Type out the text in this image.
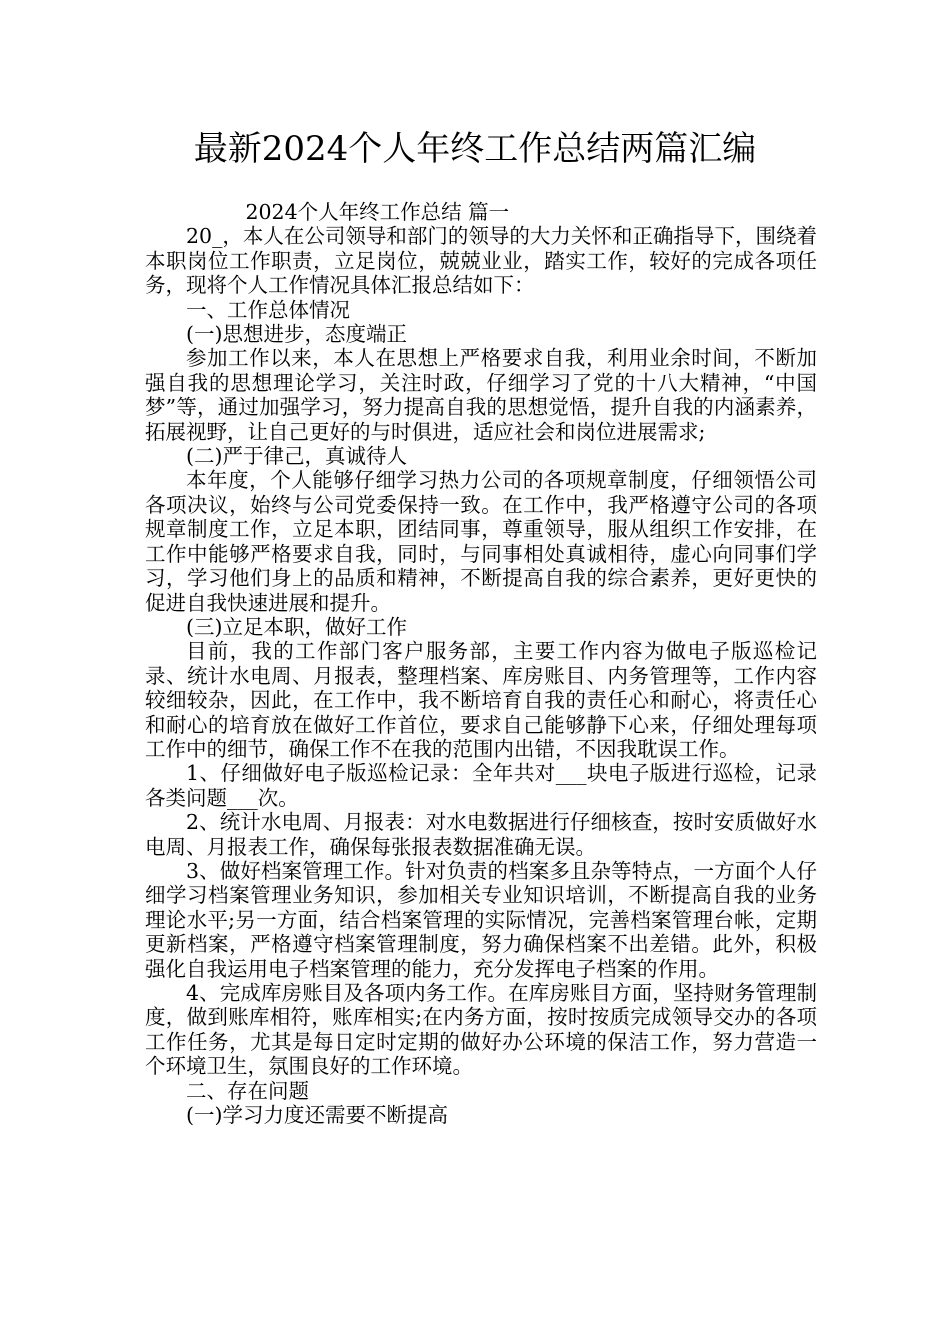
最新2024个人年终工作总结两篇汇编

2024个人年终工作总结 篇一

20_，本人在公司领导和部门的领导的大力关怀和正确指导下，围绕着本职岗位工作职责，立足岗位，兢兢业业，踏实工作，较好的完成各项任务，现将个人工作情况具体汇报总结如下：

一、工作总体情况

(一)思想进步，态度端正

参加工作以来，本人在思想上严格要求自我，利用业余时间，不断加强自我的思想理论学习，关注时政，仔细学习了党的十八大精神，“中国梦”等，通过加强学习，努力提高自我的思想觉悟，提升自我的内涵素养，拓展视野，让自己更好的与时俱进，适应社会和岗位进展需求;

(二)严于律己，真诚待人

本年度，个人能够仔细学习热力公司的各项规章制度，仔细领悟公司各项决议，始终与公司党委保持一致。在工作中，我严格遵守公司的各项规章制度工作，立足本职，团结同事，尊重领导，服从组织工作安排，在工作中能够严格要求自我，同时，与同事相处真诚相待，虚心向同事们学习，学习他们身上的品质和精神，不断提高自我的综合素养，更好更快的促进自我快速进展和提升。

(三)立足本职，做好工作

目前，我的工作部门客户服务部，主要工作内容为做电子版巡检记录、统计水电周、月报表，整理档案、库房账目、内务管理等，工作内容较细较杂，因此，在工作中，我不断培育自我的责任心和耐心，将责任心和耐心的培育放在做好工作首位，要求自己能够静下心来，仔细处理每项工作中的细节，确保工作不在我的范围内出错，不因我耽误工作。

1、仔细做好电子版巡检记录：全年共对___块电子版进行巡检，记录各类问题___次。

2、统计水电周、月报表：对水电数据进行仔细核查，按时安质做好水电周、月报表工作，确保每张报表数据准确无误。

3、做好档案管理工作。针对负责的档案多且杂等特点，一方面个人仔细学习档案管理业务知识，参加相关专业知识培训，不断提高自我的业务理论水平;另一方面，结合档案管理的实际情况，完善档案管理台帐，定期更新档案，严格遵守档案管理制度，努力确保档案不出差错。此外，积极强化自我运用电子档案管理的能力，充分发挥电子档案的作用。

4、完成库房账目及各项内务工作。在库房账目方面，坚持财务管理制度，做到账库相符，账库相实;在内务方面，按时按质完成领导交办的各项工作任务，尤其是每日定时定期的做好办公环境的保洁工作，努力营造一个环境卫生，氛围良好的工作环境。

二、存在问题

(一)学习力度还需要不断提高
